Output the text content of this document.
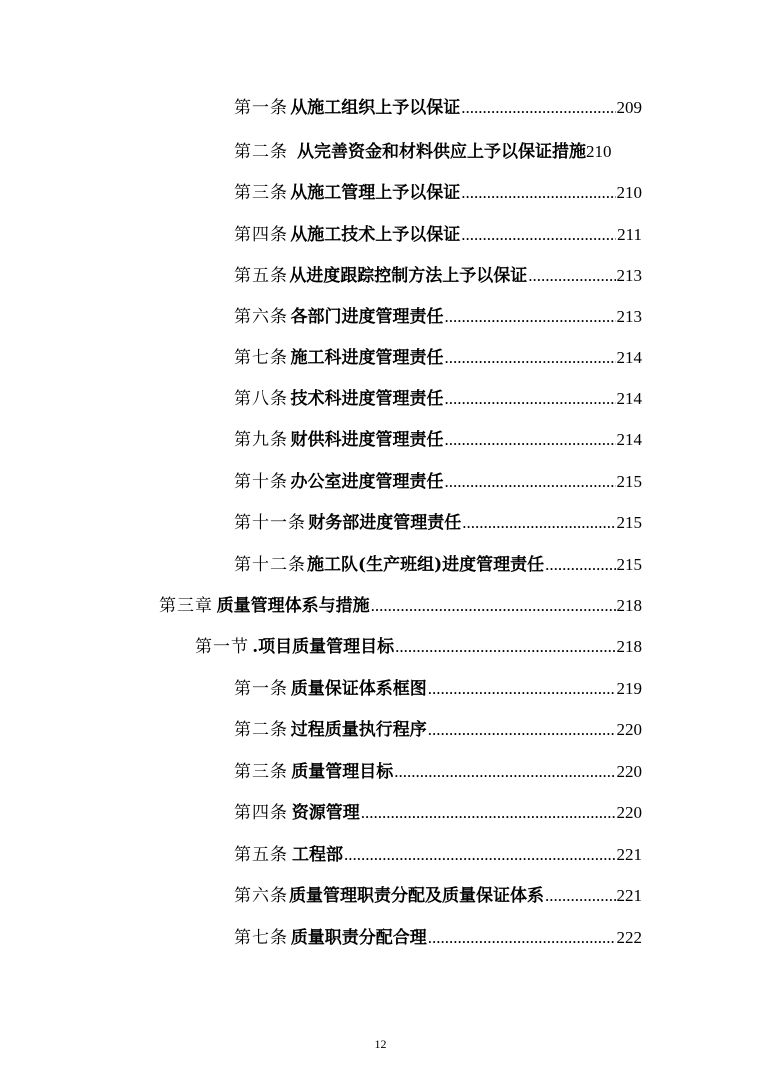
第一条 从施工组织上予以保证 .....	209
第二条 从完善资金和材料供应上予以保证措施 210
第三条 从施工管理上予以保证 .....	210
第四条 从施工技术上予以保证 .....	211
第五条 从进度跟踪控制方法上予以保证 .....	213
第六条 各部门进度管理责任 .....	213
第七条 施工科进度管理责任 .....	214
第八条 技术科进度管理责任 .....	214
第九条 财供科进度管理责任 .....	214
第十条 办公室进度管理责任 .....	215
第十一条 财务部进度管理责任 .....	215
第十二条 施工队(生产班组)进度管理责任 .....	215
第三章 质量管理体系与措施 .....	218
第一节 .项目质量管理目标 .....	218
第一条 质量保证体系框图 .....	219
第二条 过程质量执行程序 .....	220
第三条 质量管理目标 .....	220
第四条 资源管理 .....	220
第五条 工程部 .....	221
第六条 质量管理职责分配及质量保证体系 .....	221
第七条 质量职责分配合理 .....	222
12
